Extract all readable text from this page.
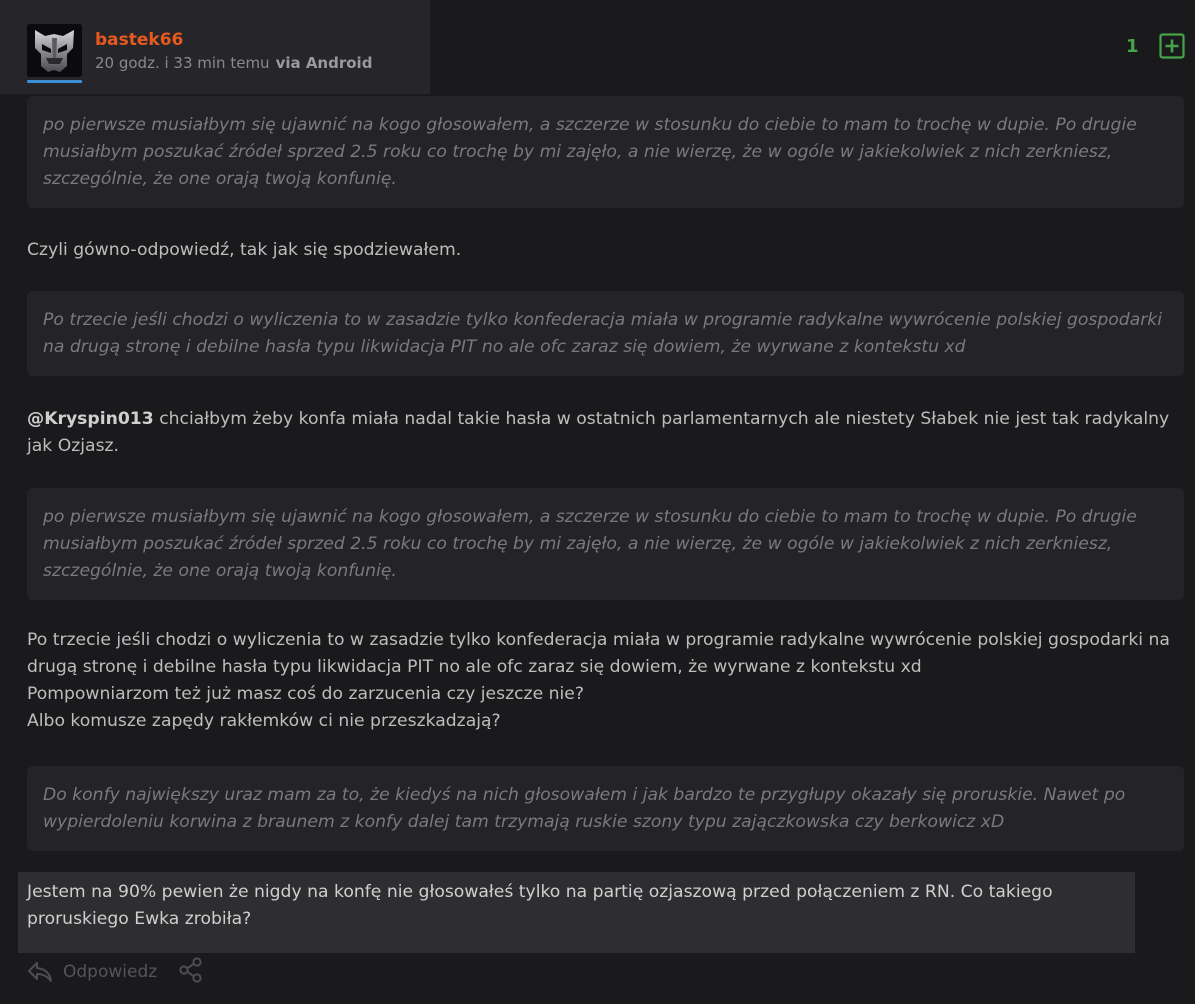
bastek66
20 godz. i 33 min temu via Android
1
po pierwsze musiałbym się ujawnić na kogo głosowałem, a szczerze w stosunku do ciebie to mam to trochę w dupie. Po drugie musiałbym poszukać źródeł sprzed 2.5 roku co trochę by mi zajęło, a nie wierzę, że w ogóle w jakiekolwiek z nich zerkniesz, szczególnie, że one orają twoją konfunię.
Czyli gówno-odpowiedź, tak jak się spodziewałem.
Po trzecie jeśli chodzi o wyliczenia to w zasadzie tylko konfederacja miała w programie radykalne wywrócenie polskiej gospodarki na drugą stronę i debilne hasła typu likwidacja PIT no ale ofc zaraz się dowiem, że wyrwane z kontekstu xd
@Kryspin013 chciałbym żeby konfa miała nadal takie hasła w ostatnich parlamentarnych ale niestety Słabek nie jest tak radykalny jak Ozjasz.
po pierwsze musiałbym się ujawnić na kogo głosowałem, a szczerze w stosunku do ciebie to mam to trochę w dupie. Po drugie musiałbym poszukać źródeł sprzed 2.5 roku co trochę by mi zajęło, a nie wierzę, że w ogóle w jakiekolwiek z nich zerkniesz, szczególnie, że one orają twoją konfunię.
Po trzecie jeśli chodzi o wyliczenia to w zasadzie tylko konfederacja miała w programie radykalne wywrócenie polskiej gospodarki na drugą stronę i debilne hasła typu likwidacja PIT no ale ofc zaraz się dowiem, że wyrwane z kontekstu xd
Pompowniarzom też już masz coś do zarzucenia czy jeszcze nie?
Albo komusze zapędy rakłemków ci nie przeszkadzają?
Do konfy największy uraz mam za to, że kiedyś na nich głosowałem i jak bardzo te przygłupy okazały się proruskie. Nawet po wypierdoleniu korwina z braunem z konfy dalej tam trzymają ruskie szony typu zajączkowska czy berkowicz xD
Jestem na 90% pewien że nigdy na konfę nie głosowałeś tylko na partię ozjaszową przed połączeniem z RN. Co takiego proruskiego Ewka zrobiła?
Odpowiedz
